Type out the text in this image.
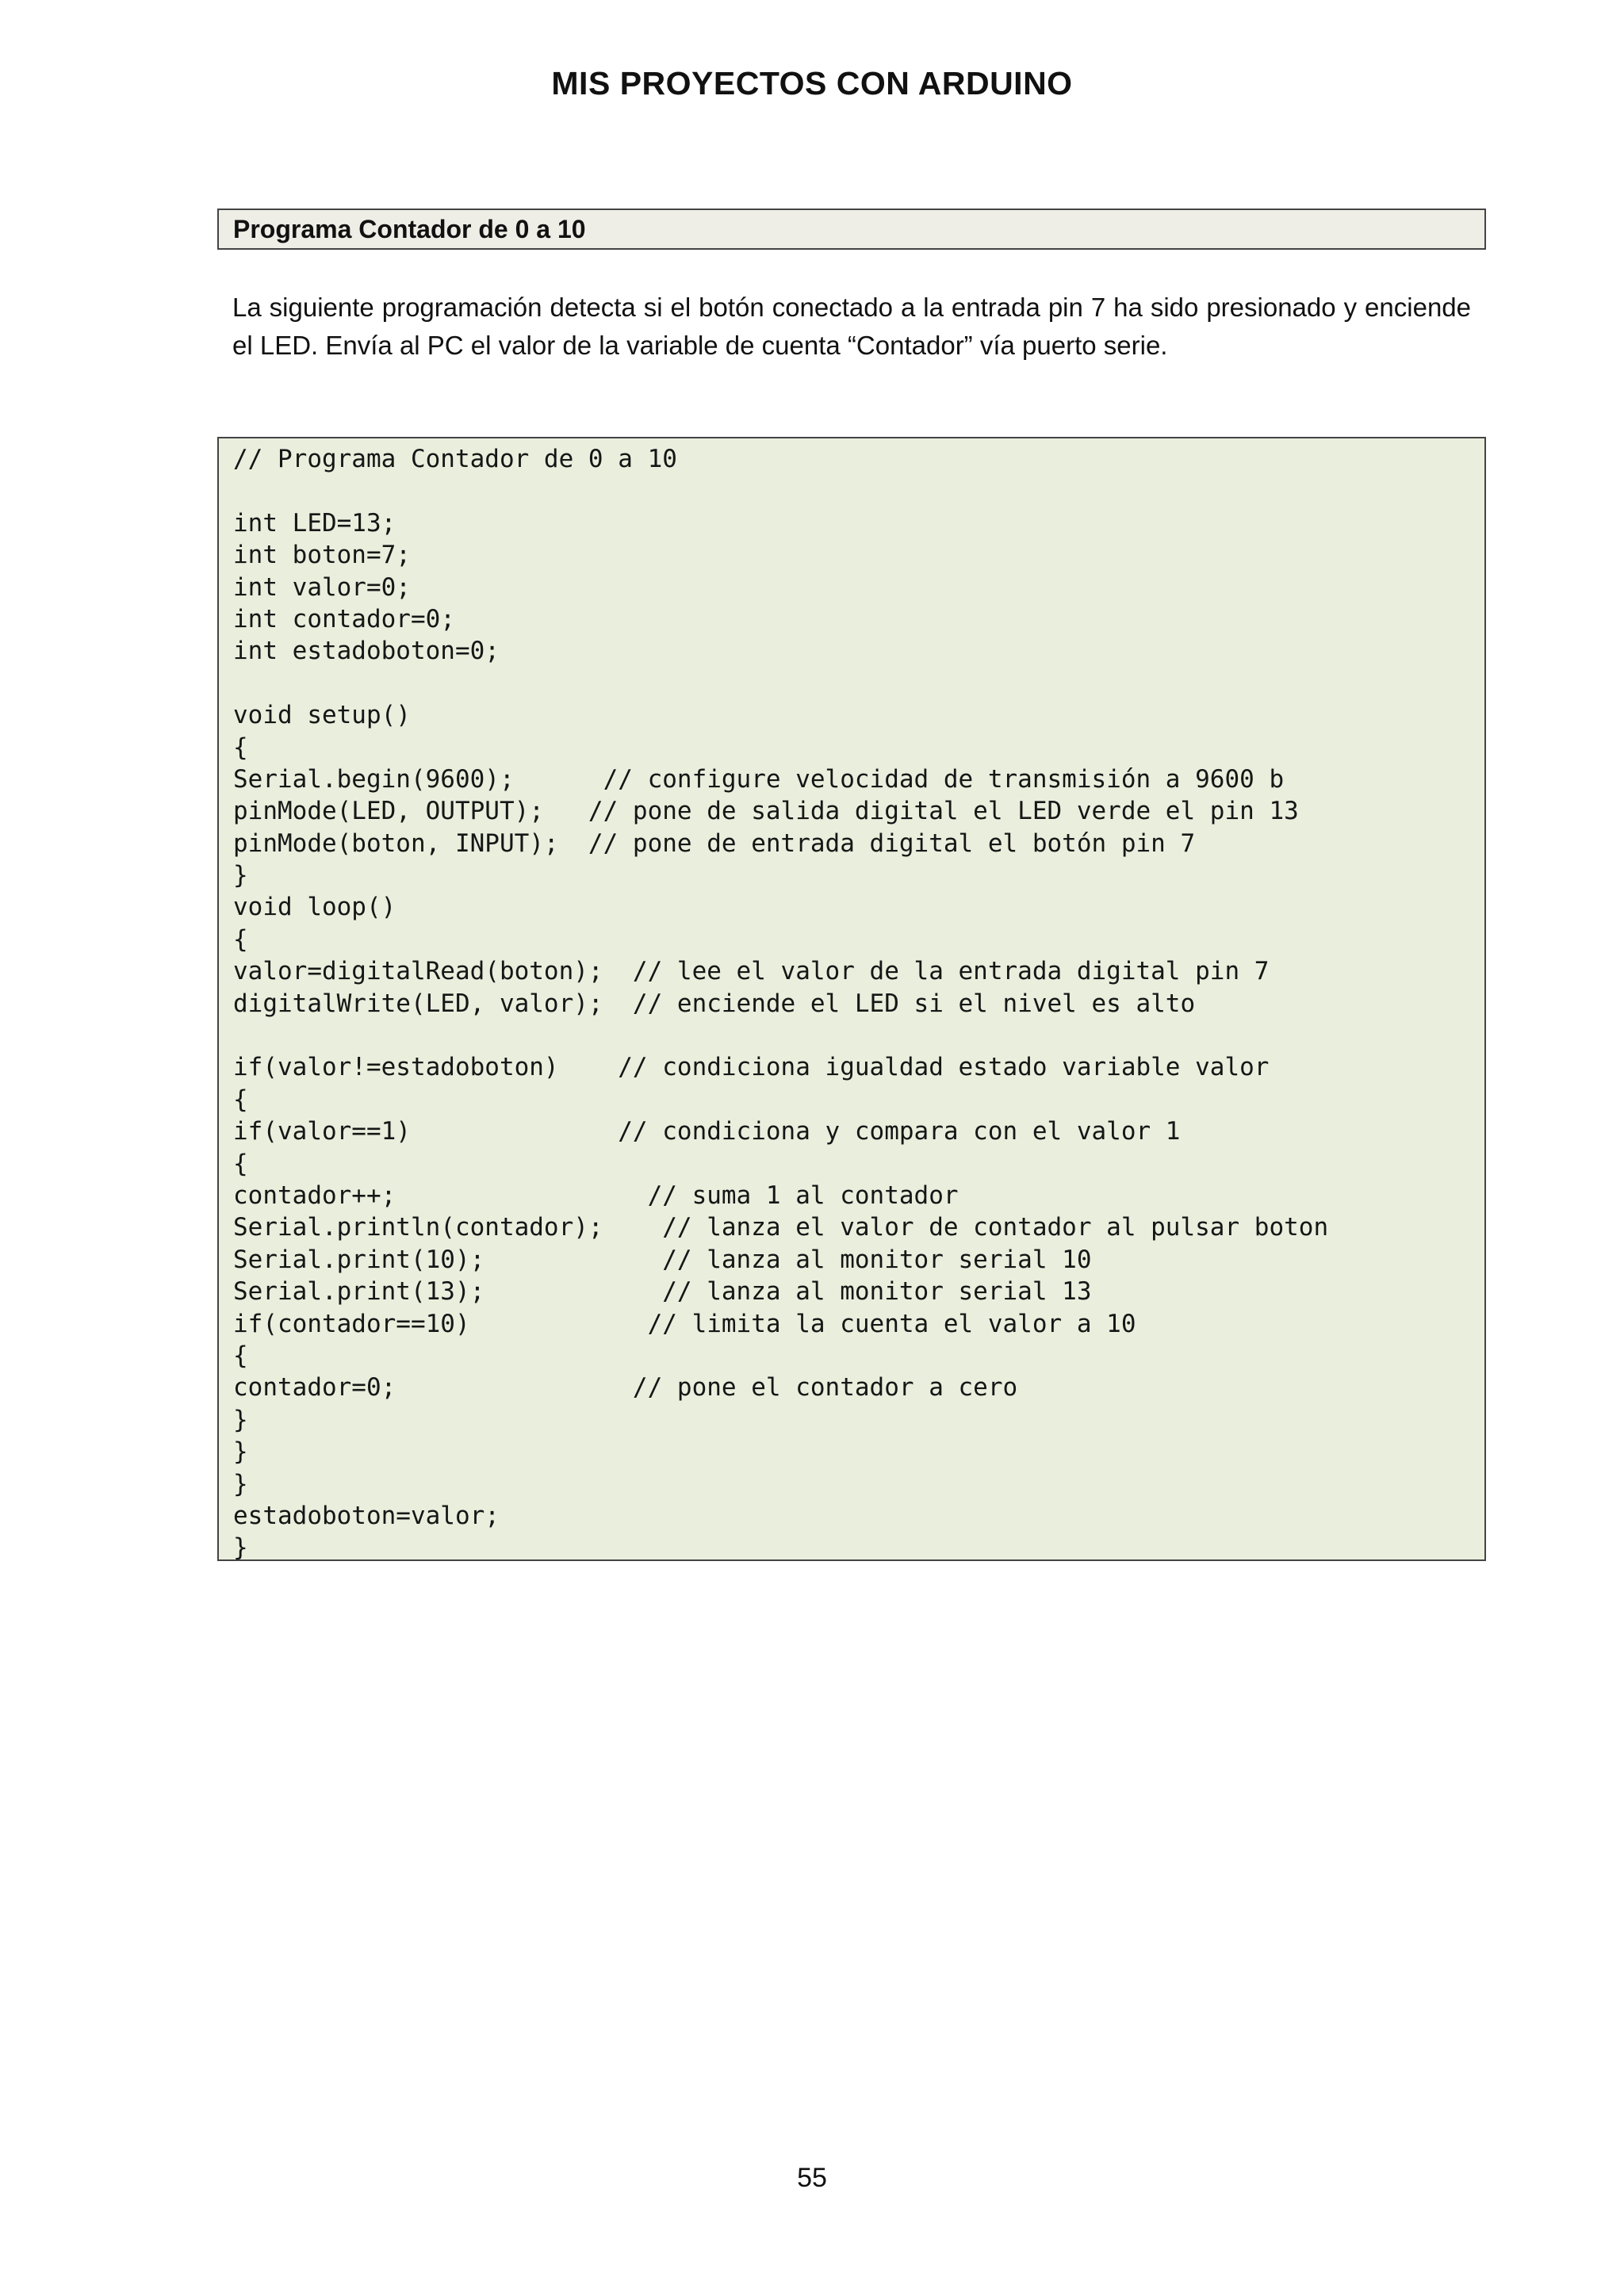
MIS PROYECTOS CON ARDUINO
Programa Contador de 0 a 10
La siguiente programación detecta si el botón conectado a la entrada pin 7 ha sido presionado y enciende el LED. Envía al PC el valor de la variable de cuenta “Contador” vía puerto serie.
// Programa Contador de 0 a 10
int LED=13;
int boton=7;
int valor=0;
int contador=0;
int estadoboton=0;
void setup()
{
Serial.begin(9600);      // configure velocidad de transmisión a 9600 b
pinMode(LED, OUTPUT);   // pone de salida digital el LED verde el pin 13
pinMode(boton, INPUT);  // pone de entrada digital el botón pin 7
}
void loop()
{
valor=digitalRead(boton);  // lee el valor de la entrada digital pin 7
digitalWrite(LED, valor);  // enciende el LED si el nivel es alto
if(valor!=estadoboton)    // condiciona igualdad estado variable valor
{
if(valor==1)              // condiciona y compara con el valor 1
{
contador++;                 // suma 1 al contador
Serial.println(contador);    // lanza el valor de contador al pulsar boton
Serial.print(10);            // lanza al monitor serial 10
Serial.print(13);            // lanza al monitor serial 13
if(contador==10)            // limita la cuenta el valor a 10
{
contador=0;                // pone el contador a cero
}
}
}
estadoboton=valor;
}
55
